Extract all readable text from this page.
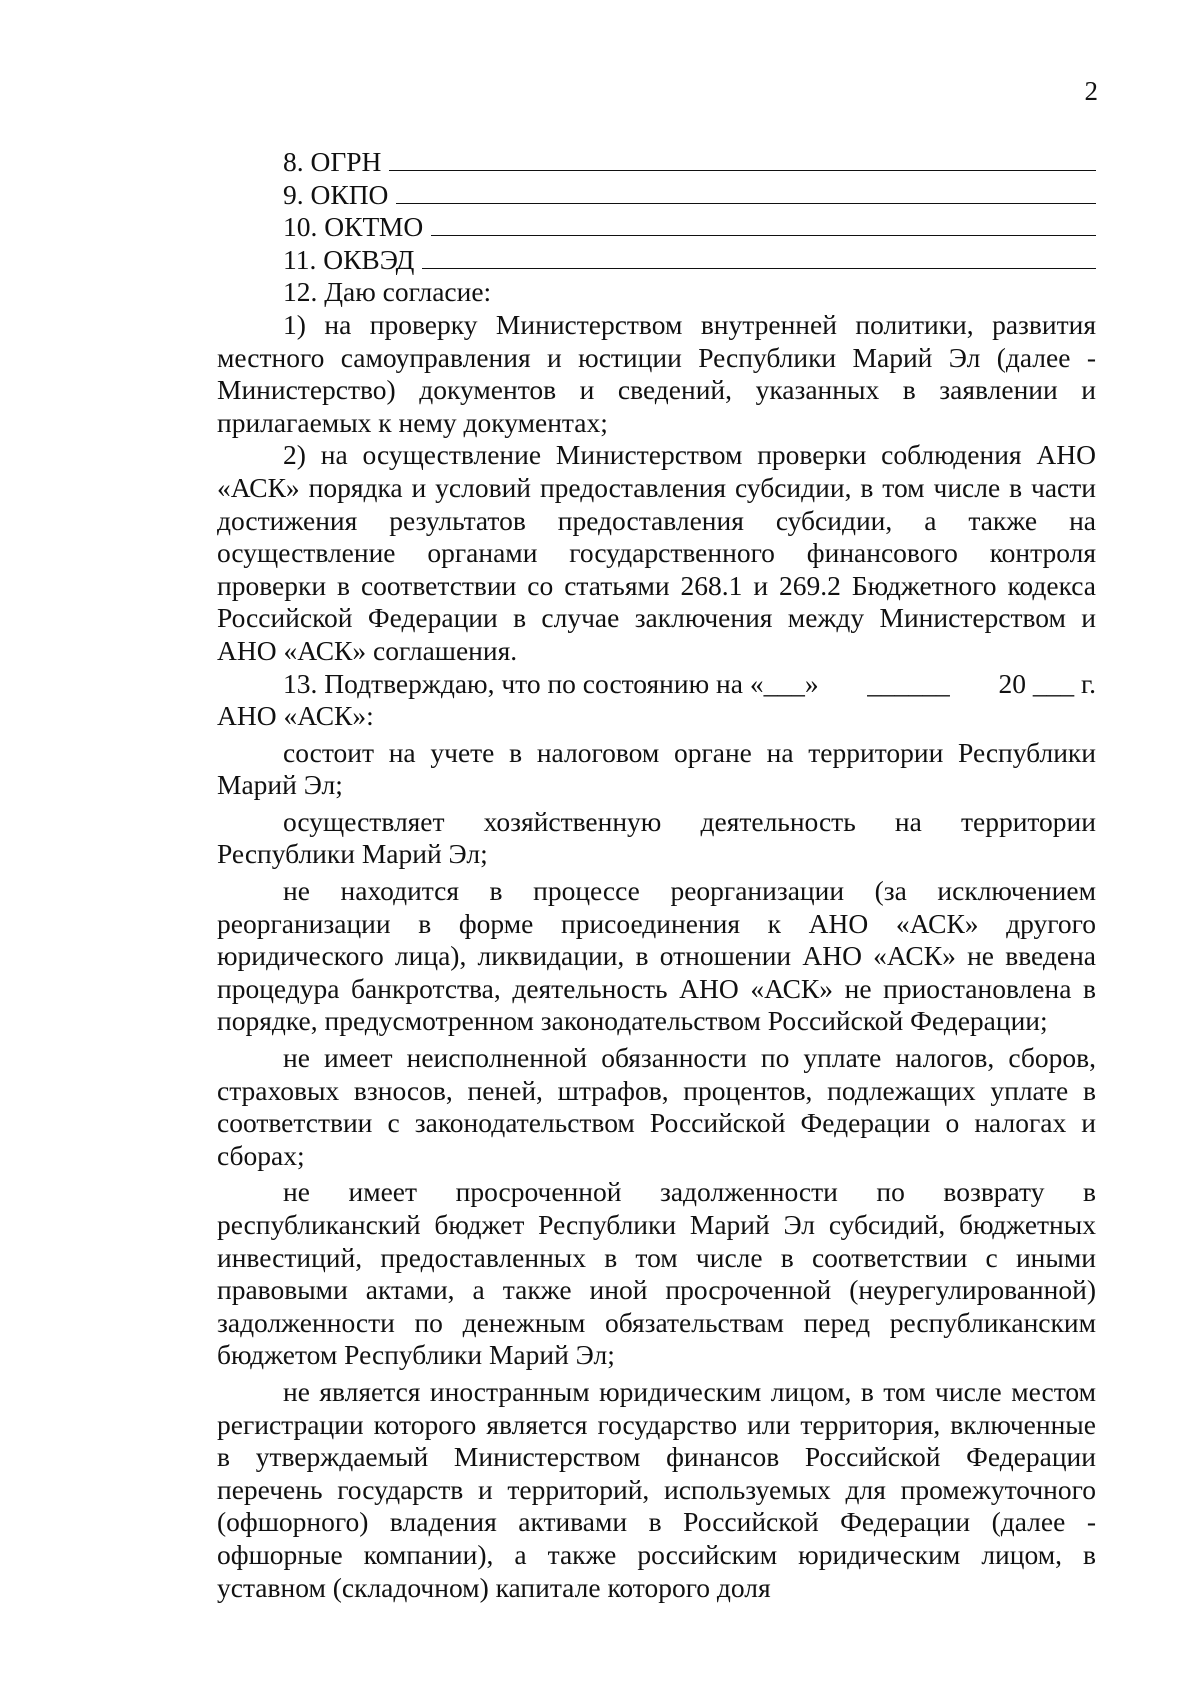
2
8. ОГРН
9. ОКПО
10. ОКТМО
11. ОКВЭД

12. Даю согласие:

1) на проверку Министерством внутренней политики, развития местного самоуправления и юстиции Республики Марий Эл (далее - Министерство) документов и сведений, указанных в заявлении и прилагаемых к нему документах;

2) на осуществление Министерством проверки соблюдения АНО «АСК» порядка и условий предоставления субсидии, в том числе в части достижения результатов предоставления субсидии, а также на осуществление органами государственного финансового контроля проверки в соответствии со статьями 268.1 и 269.2 Бюджетного кодекса Российской Федерации в случае заключения между Министерством и АНО «АСК» соглашения.

13. Подтверждаю, что по состоянию на «___» ______ 20 ___ г.

АНО «АСК»:

состоит на учете в налоговом органе на территории Республики Марий Эл;

осуществляет хозяйственную деятельность на территории Республики Марий Эл;

не находится в процессе реорганизации (за исключением реорганизации в форме присоединения к АНО «АСК» другого юридического лица), ликвидации, в отношении АНО «АСК» не введена процедура банкротства, деятельность АНО «АСК» не приостановлена в порядке, предусмотренном законодательством Российской Федерации;

не имеет неисполненной обязанности по уплате налогов, сборов, страховых взносов, пеней, штрафов, процентов, подлежащих уплате в соответствии с законодательством Российской Федерации о налогах и сборах;

не имеет просроченной задолженности по возврату в республиканский бюджет Республики Марий Эл субсидий, бюджетных инвестиций, предоставленных в том числе в соответствии с иными правовыми актами, а также иной просроченной (неурегулированной) задолженности по денежным обязательствам перед республиканским бюджетом Республики Марий Эл;

не является иностранным юридическим лицом, в том числе местом регистрации которого является государство или территория, включенные в утверждаемый Министерством финансов Российской Федерации перечень государств и территорий, используемых для промежуточного (офшорного) владения активами в Российской Федерации (далее - офшорные компании), а также российским юридическим лицом, в уставном (складочном) капитале которого доля
